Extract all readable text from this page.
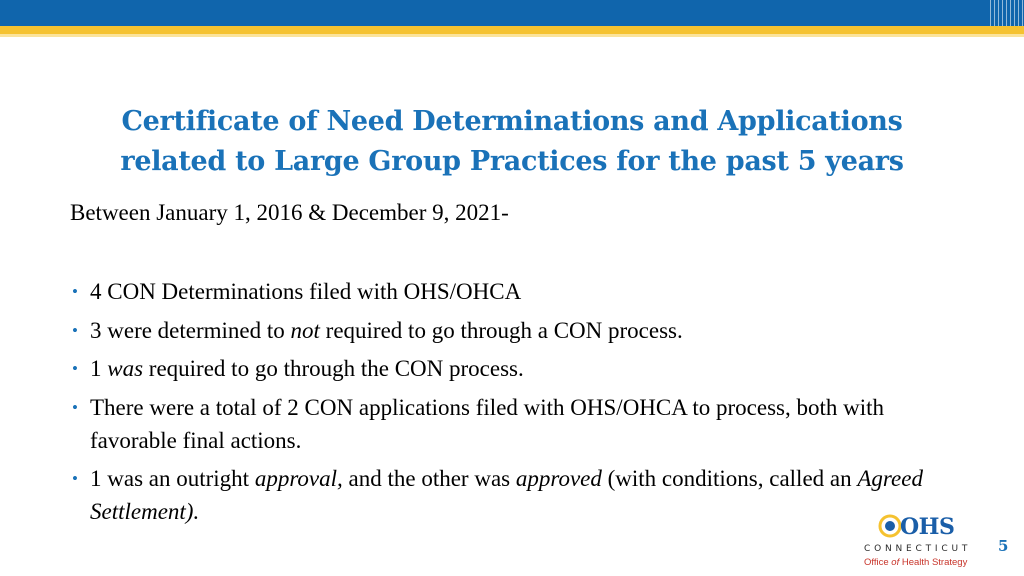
Certificate of Need Determinations and Applications
related to Large Group Practices for the past 5 years
Between January 1, 2016 & December 9, 2021-
• 4 CON Determinations filed with OHS/OHCA
• 3 were determined to not required to go through a CON process.
• 1 was required to go through the CON process.
• There were a total of 2 CON applications filed with OHS/OHCA to process, both with favorable final actions.
• 1 was an outright approval, and the other was approved (with conditions, called an Agreed Settlement).
OHS
CONNECTICUT
Office of Health Strategy
5
